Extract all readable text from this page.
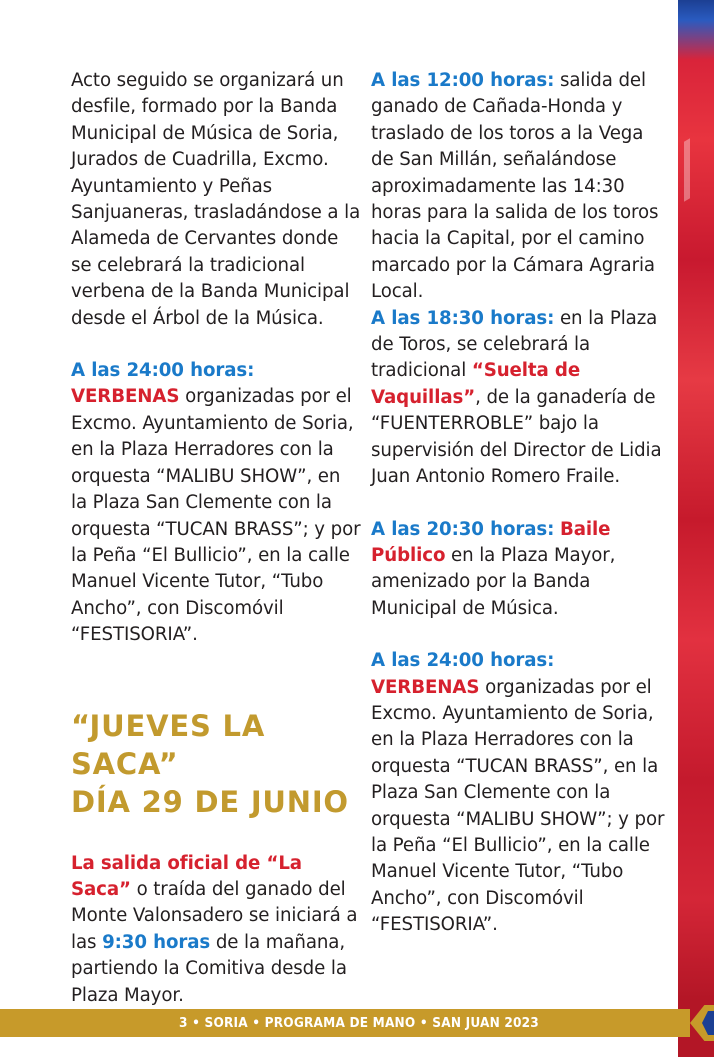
Acto seguido se organizará un desfile, formado por la Banda Municipal de Música de Soria, Jurados de Cuadrilla, Excmo. Ayuntamiento y Peñas Sanjuaneras, trasladándose a la Alameda de Cervantes donde se celebrará la tradicional verbena de la Banda Municipal desde el Árbol de la Música.

A las 24:00 horas:
VERBENAS organizadas por el Excmo. Ayuntamiento de Soria, en la Plaza Herradores con la orquesta “MALIBU SHOW”, en la Plaza San Clemente con la orquesta “TUCAN BRASS”; y por la Peña “El Bullicio”, en la calle Manuel Vicente Tutor, “Tubo Ancho”, con Discomóvil “FESTISORIA”.

“JUEVES LA SACA”
DÍA 29 DE JUNIO

La salida oficial de “La Saca” o traída del ganado del Monte Valonsadero se iniciará a las 9:30 horas de la mañana, partiendo la Comitiva desde la Plaza Mayor.

A las 12:00 horas: salida del ganado de Cañada-Honda y traslado de los toros a la Vega de San Millán, señalándose aproximadamente las 14:30 horas para la salida de los toros hacia la Capital, por el camino marcado por la Cámara Agraria Local.

A las 18:30 horas: en la Plaza de Toros, se celebrará la tradicional “Suelta de Vaquillas”, de la ganadería de “FUENTERROBLE” bajo la supervisión del Director de Lidia Juan Antonio Romero Fraile.

A las 20:30 horas: Baile Público en la Plaza Mayor, amenizado por la Banda Municipal de Música.

A las 24:00 horas:
VERBENAS organizadas por el Excmo. Ayuntamiento de Soria, en la Plaza Herradores con la orquesta “TUCAN BRASS”, en la Plaza San Clemente con la orquesta “MALIBU SHOW”; y por la Peña “El Bullicio”, en la calle Manuel Vicente Tutor, “Tubo Ancho”, con Discomóvil “FESTISORIA”.

3 • SORIA • PROGRAMA DE MANO • SAN JUAN 2023
